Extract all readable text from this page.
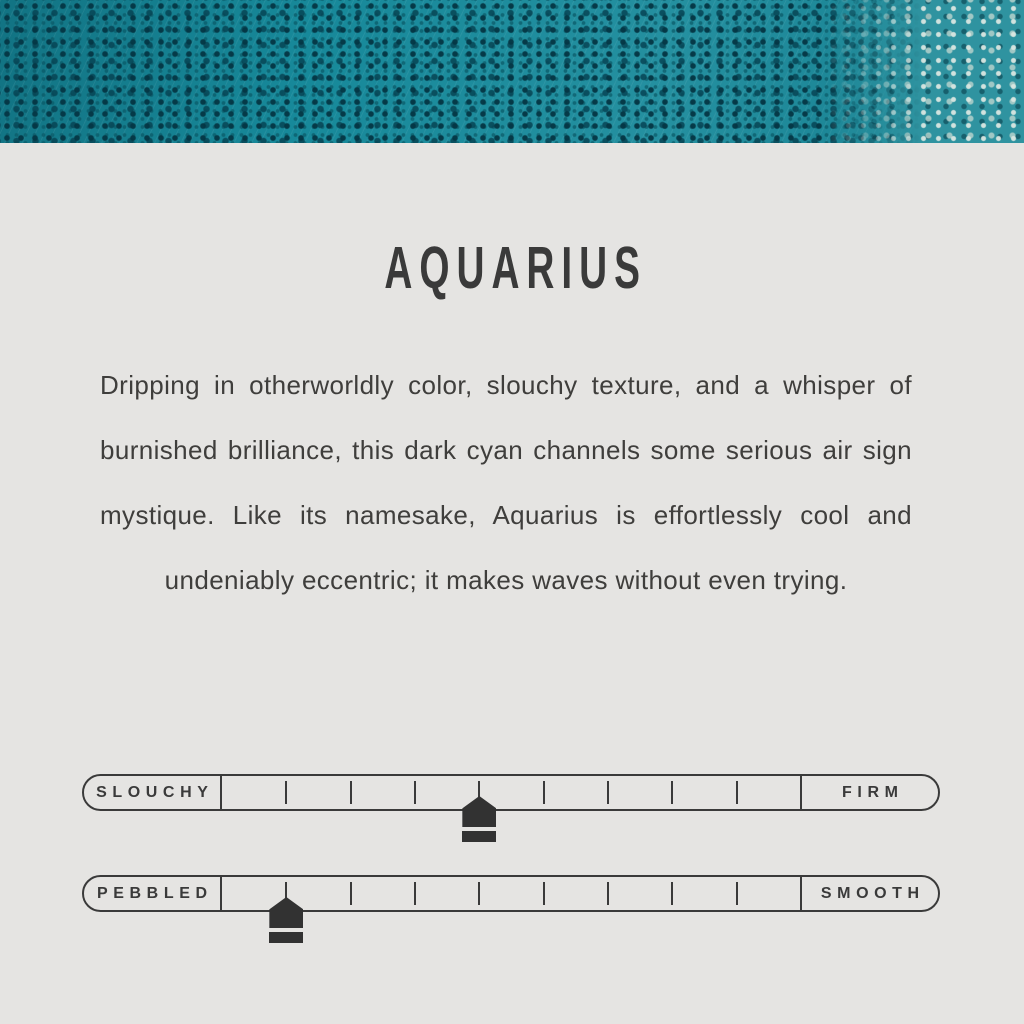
AQUARIUS
Dripping in otherworldly color, slouchy texture, and a whisper of
burnished brilliance, this dark cyan channels some serious air sign
mystique. Like its namesake, Aquarius is effortlessly cool and
undeniably eccentric; it makes waves without even trying.
SLOUCHY	FIRM
PEBBLED	SMOOTH
